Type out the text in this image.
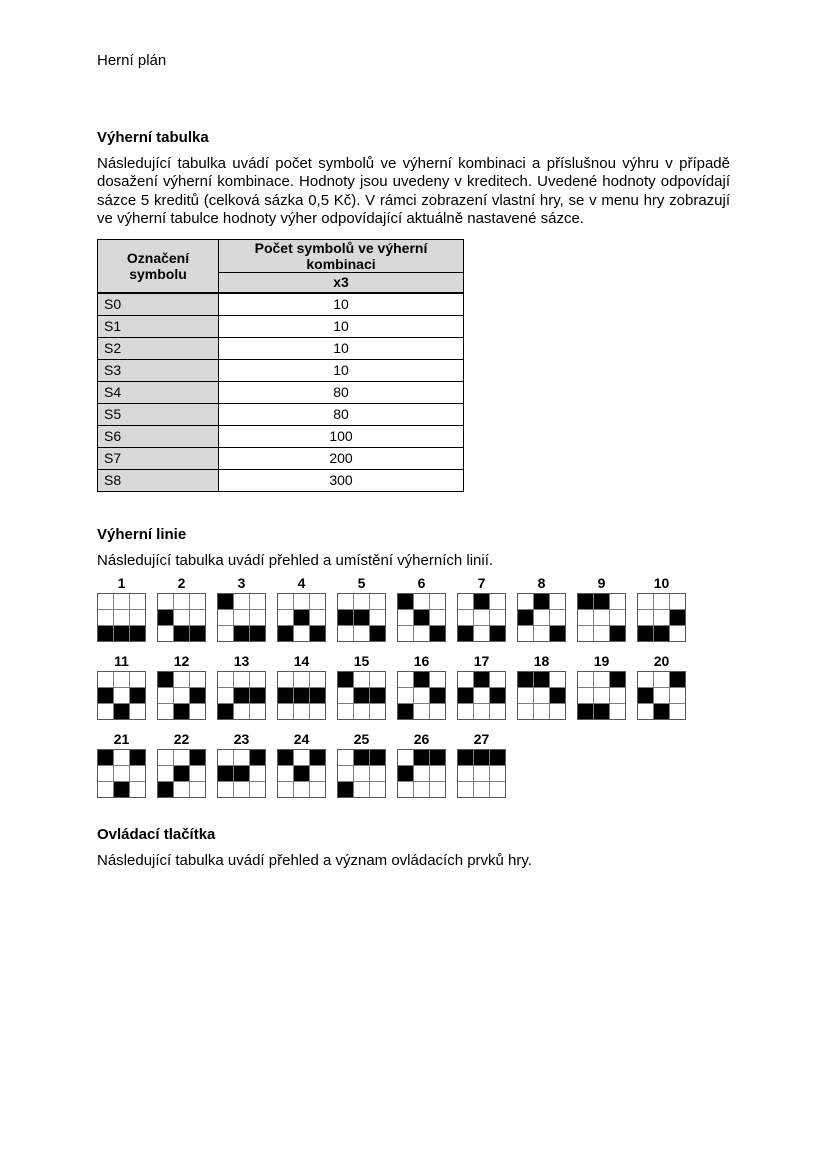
Herní plán
Výherní tabulka

Následující tabulka uvádí počet symbolů ve výherní kombinaci a příslušnou výhru v případě dosažení výherní kombinace. Hodnoty jsou uvedeny v kreditech. Uvedené hodnoty odpovídají sázce 5 kreditů (celková sázka 0,5 Kč). V rámci zobrazení vlastní hry, se v menu hry zobrazují ve výherní tabulce hodnoty výher odpovídající aktuálně nastavené sázce.

Označení symbolu	Počet symbolů ve výherní kombinaci
	x3
S0	10
S1	10
S2	10
S3	10
S4	80
S5	80
S6	100
S7	200
S8	300
Výherní linie

Následující tabulka uvádí přehled a umístění výherních linií.

1	2	3	4	5	6	7	8	9	10
11	12	13	14	15	16	17	18	19	20
21	22	23	24	25	26	27
Ovládací tlačítka

Následující tabulka uvádí přehled a význam ovládacích prvků hry.
